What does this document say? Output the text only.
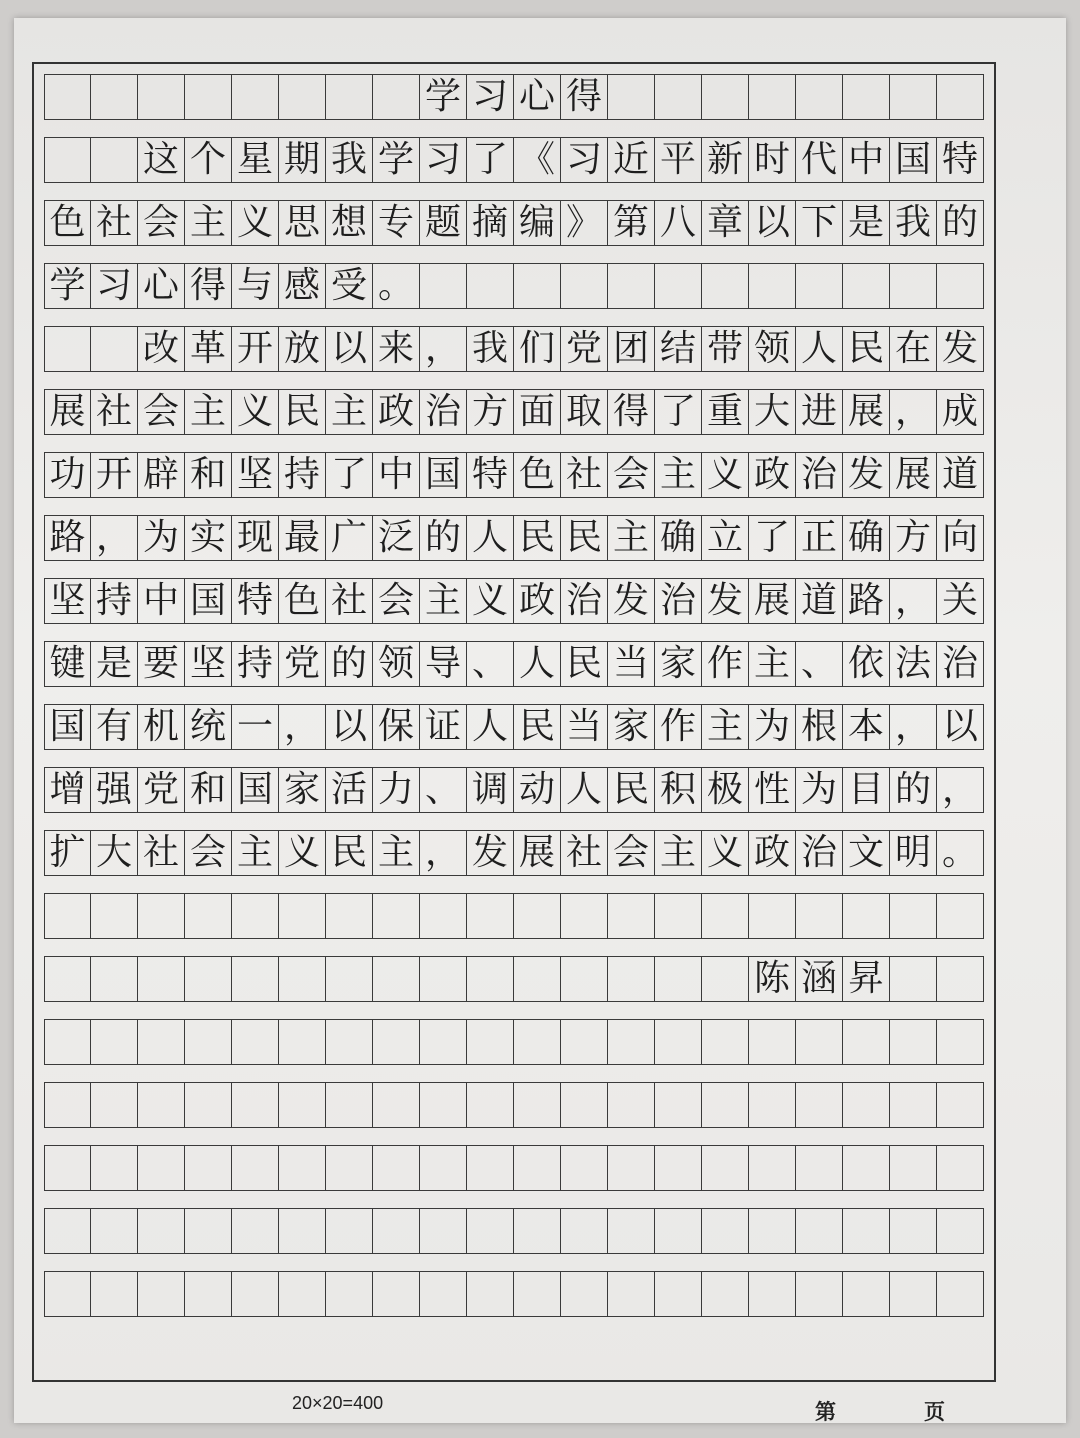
学 习 心 得
这 个 星 期 我 学 习 了 《 习 近 平 新 时 代 中 国 特
色 社 会 主 义 思 想 专 题 摘 编 》 第 八 章 以 下 是 我 的
学 习 心 得 与 感 受 。
改 革 开 放 以 来 ， 我 们 党 团 结 带 领 人 民 在 发
展 社 会 主 义 民 主 政 治 方 面 取 得 了 重 大 进 展 ， 成
功 开 辟 和 坚 持 了 中 国 特 色 社 会 主 义 政 治 发 展 道
路 ， 为 实 现 最 广 泛 的 人 民 民 主 确 立 了 正 确 方 向
坚 持 中 国 特 色 社 会 主 义 政 治 发 治 发 展 道 路 ， 关
键 是 要 坚 持 党 的 领 导 、 人 民 当 家 作 主 、 依 法 治
国 有 机 统 一 ， 以 保 证 人 民 当 家 作 主 为 根 本 ， 以
增 强 党 和 国 家 活 力 、 调 动 人 民 积 极 性 为 目 的 ，
扩 大 社 会 主 义 民 主 ， 发 展 社 会 主 义 政 治 文 明 。
陈 涵 昇
20×20=400	第	页
